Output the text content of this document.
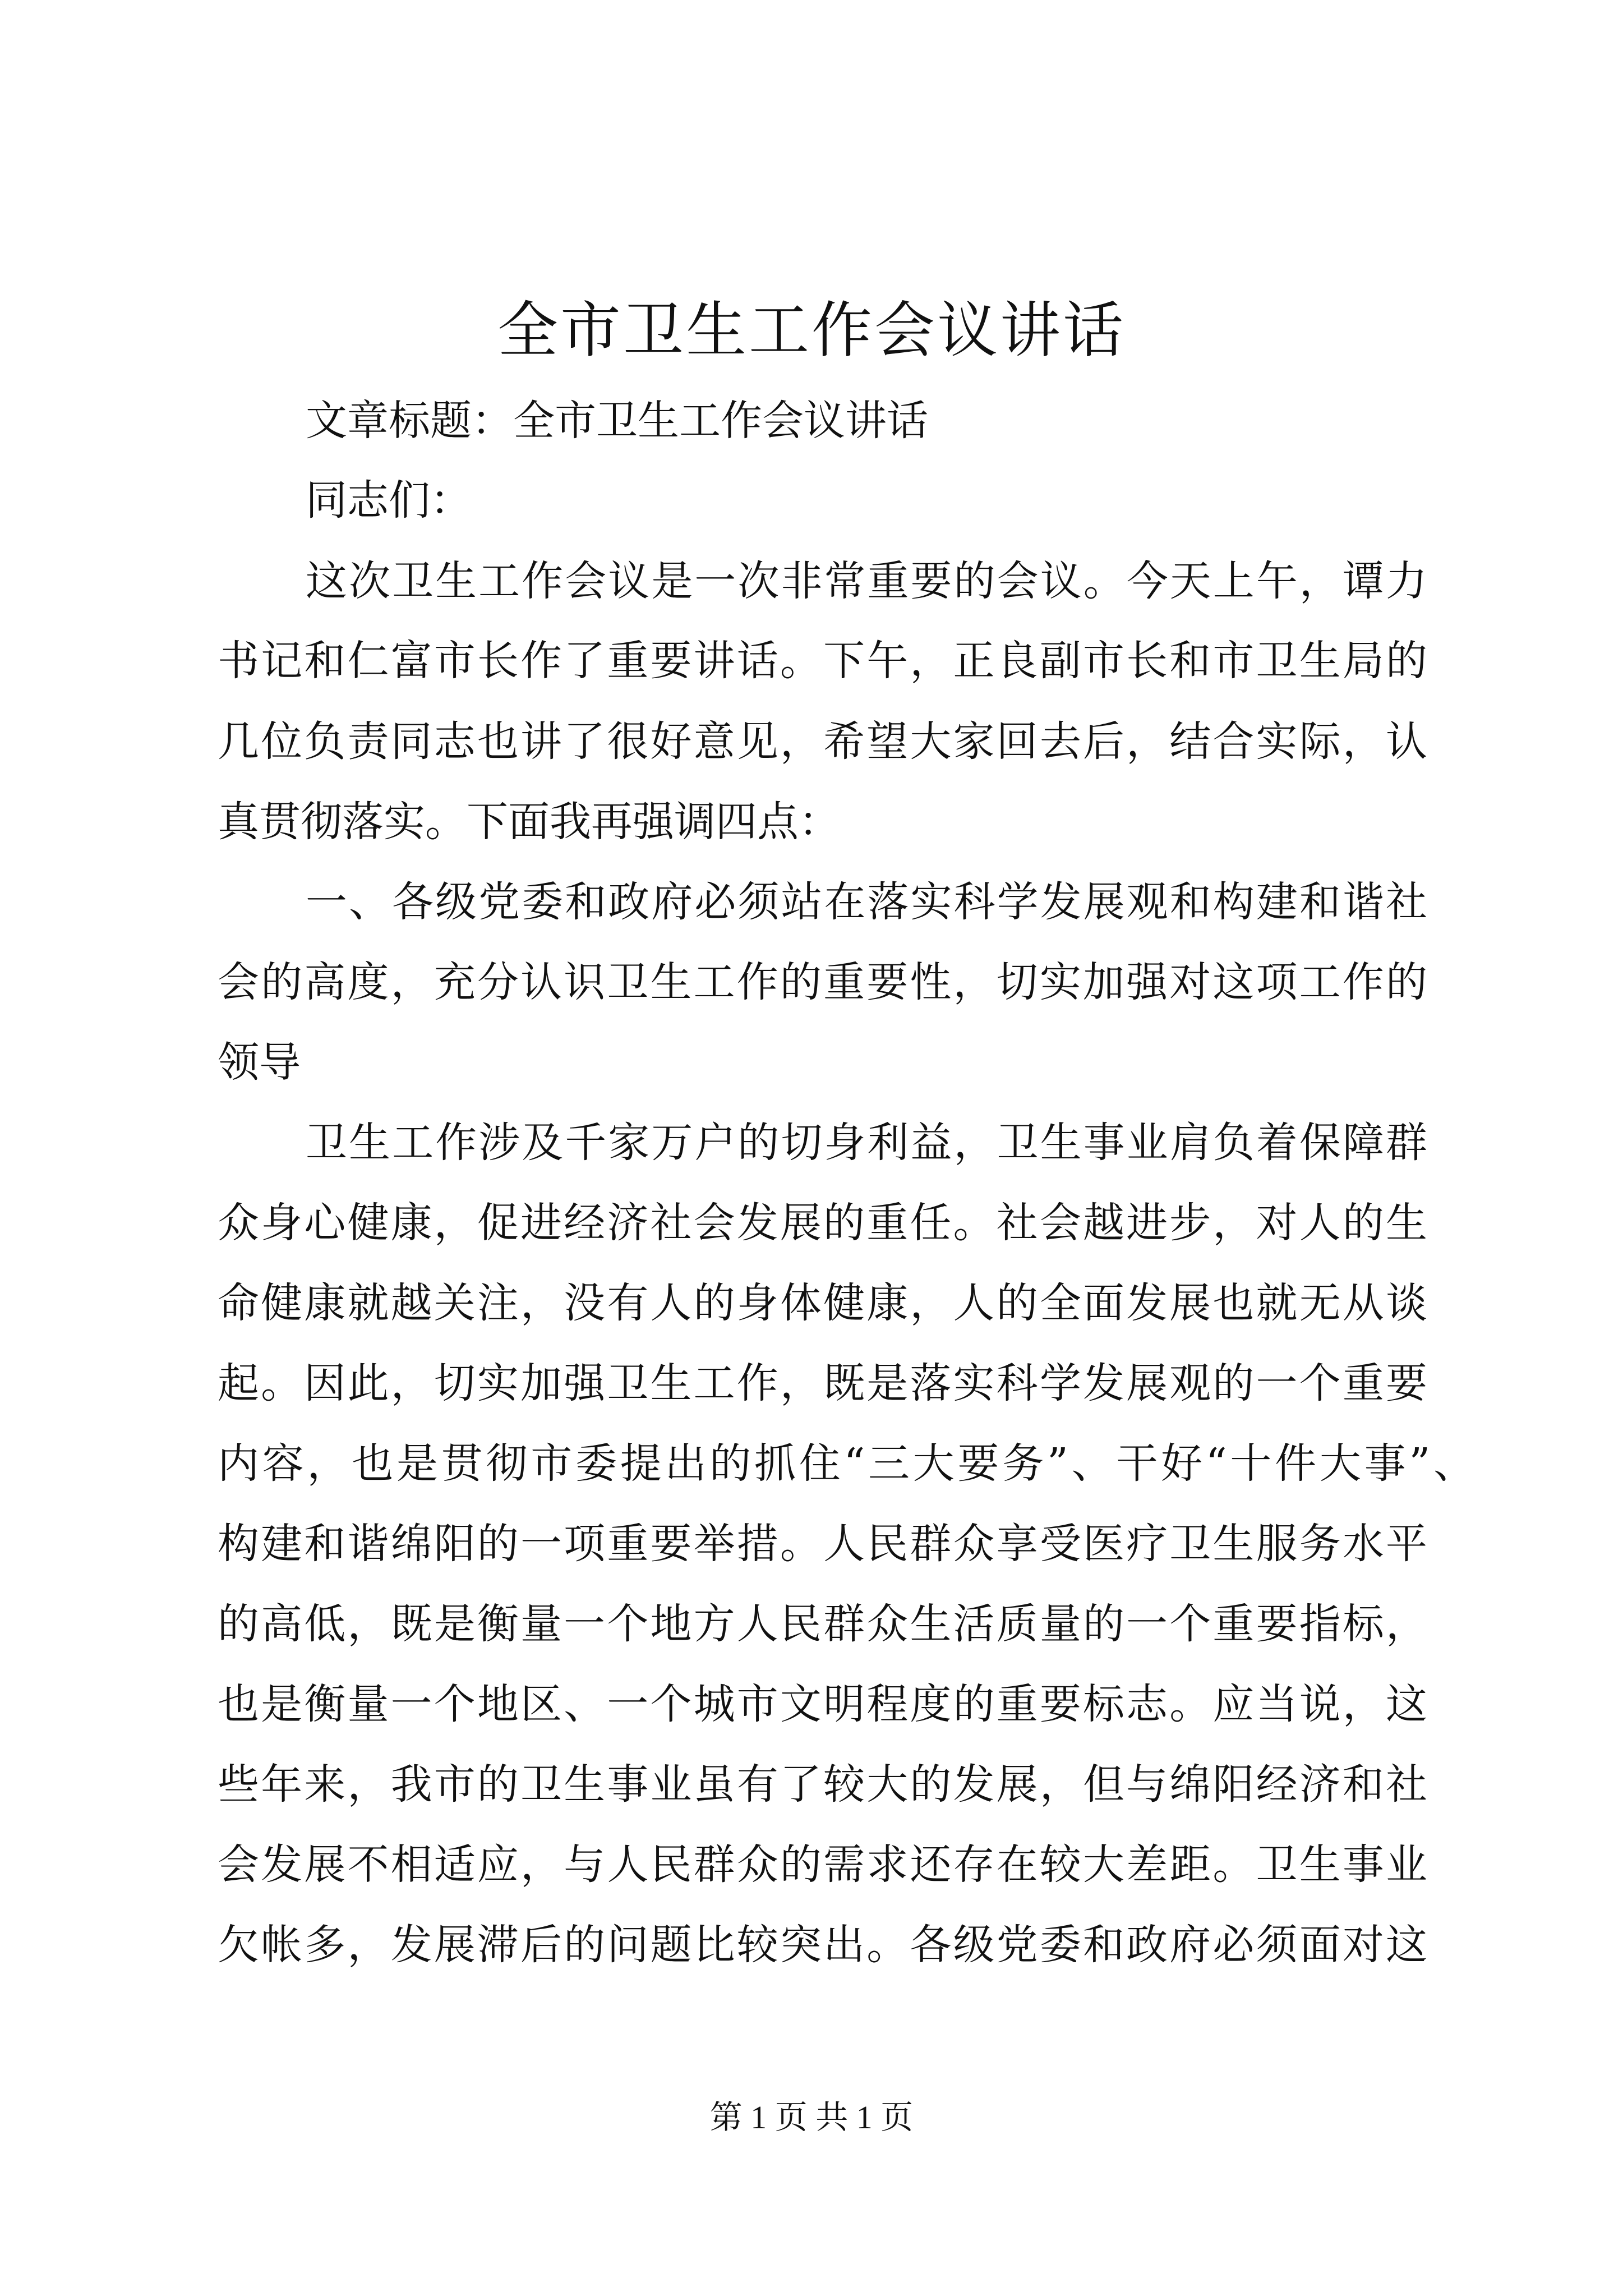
全市卫生工作会议讲话
文章标题：全市卫生工作会议讲话
同志们：
这次卫生工作会议是一次非常重要的会议。今天上午，谭力
书记和仁富市长作了重要讲话。下午，正良副市长和市卫生局的
几位负责同志也讲了很好意见，希望大家回去后，结合实际，认
真贯彻落实。下面我再强调四点：
一、各级党委和政府必须站在落实科学发展观和构建和谐社
会的高度，充分认识卫生工作的重要性，切实加强对这项工作的
领导
卫生工作涉及千家万户的切身利益，卫生事业肩负着保障群
众身心健康，促进经济社会发展的重任。社会越进步，对人的生
命健康就越关注，没有人的身体健康，人的全面发展也就无从谈
起。因此，切实加强卫生工作，既是落实科学发展观的一个重要
内容，也是贯彻市委提出的抓住“三大要务”、干好“十件大事”、
构建和谐绵阳的一项重要举措。人民群众享受医疗卫生服务水平
的高低，既是衡量一个地方人民群众生活质量的一个重要指标，
也是衡量一个地区、一个城市文明程度的重要标志。应当说，这
些年来，我市的卫生事业虽有了较大的发展，但与绵阳经济和社
会发展不相适应，与人民群众的需求还存在较大差距。卫生事业
欠帐多，发展滞后的问题比较突出。各级党委和政府必须面对这
第 1 页 共 1 页
